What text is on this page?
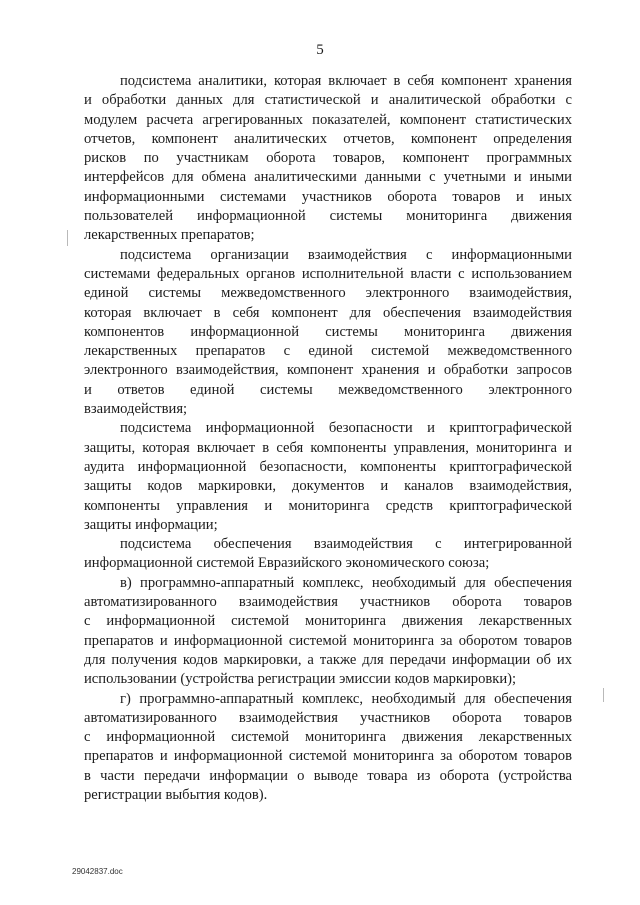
5
подсистема аналитики, которая включает в себя компонент хранения
и обработки данных для статистической и аналитической обработки с
модулем расчета агрегированных показателей, компонент статистических
отчетов, компонент аналитических отчетов, компонент определения
рисков по участникам оборота товаров, компонент программных
интерфейсов для обмена аналитическими данными с учетными и иными
информационными системами участников оборота товаров и иных
пользователей информационной системы мониторинга движения
лекарственных препаратов;
подсистема организации взаимодействия с информационными
системами федеральных органов исполнительной власти с использованием
единой системы межведомственного электронного взаимодействия,
которая включает в себя компонент для обеспечения взаимодействия
компонентов информационной системы мониторинга движения
лекарственных препаратов с единой системой межведомственного
электронного взаимодействия, компонент хранения и обработки запросов
и ответов единой системы межведомственного электронного
взаимодействия;
подсистема информационной безопасности и криптографической
защиты, которая включает в себя компоненты управления, мониторинга и
аудита информационной безопасности, компоненты криптографической
защиты кодов маркировки, документов и каналов взаимодействия,
компоненты управления и мониторинга средств криптографической
защиты информации;
подсистема обеспечения взаимодействия с интегрированной
информационной системой Евразийского экономического союза;
в) программно-аппаратный комплекс, необходимый для обеспечения
автоматизированного взаимодействия участников оборота товаров
с информационной системой мониторинга движения лекарственных
препаратов и информационной системой мониторинга за оборотом товаров
для получения кодов маркировки, а также для передачи информации об их
использовании (устройства регистрации эмиссии кодов маркировки);
г) программно-аппаратный комплекс, необходимый для обеспечения
автоматизированного взаимодействия участников оборота товаров
с информационной системой мониторинга движения лекарственных
препаратов и информационной системой мониторинга за оборотом товаров
в части передачи информации о выводе товара из оборота (устройства
регистрации выбытия кодов).
29042837.doc
